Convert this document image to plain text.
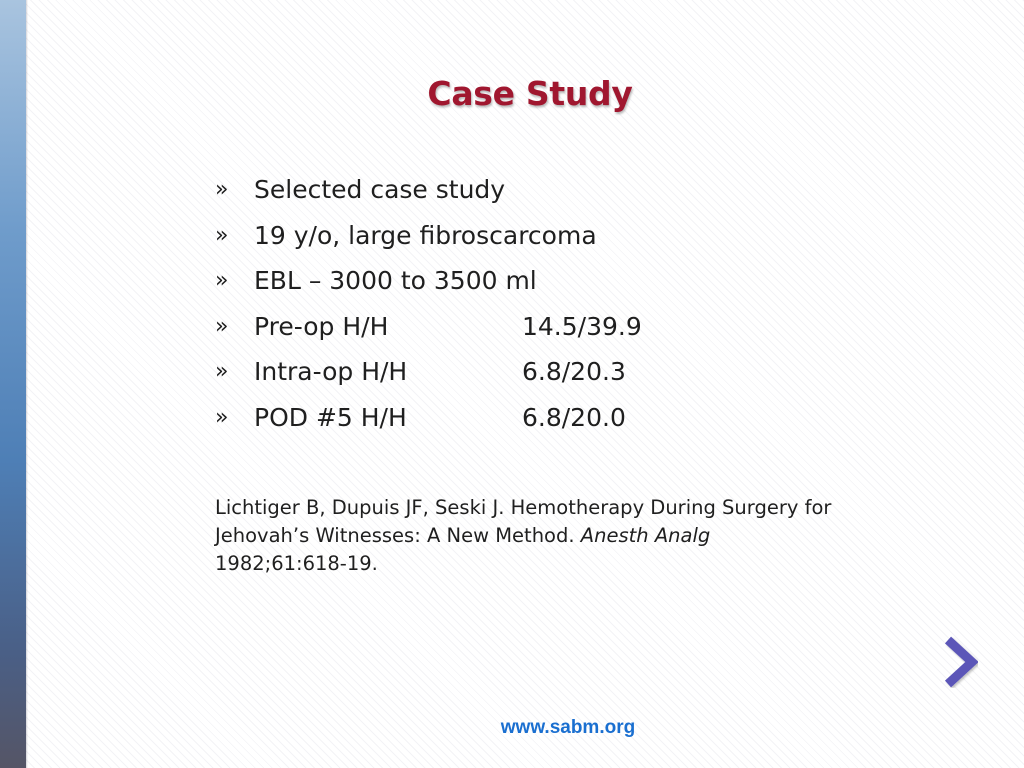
Case Study
» Selected case study
» 19 y/o, large fibroscarcoma
» EBL – 3000 to 3500 ml
» Pre-op H/H	14.5/39.9
» Intra-op H/H	6.8/20.3
» POD #5 H/H	6.8/20.0

Lichtiger B, Dupuis JF, Seski J. Hemotherapy During Surgery for Jehovah’s Witnesses: A New Method. Anesth Analg
1982;61:618-19.

www.sabm.org
